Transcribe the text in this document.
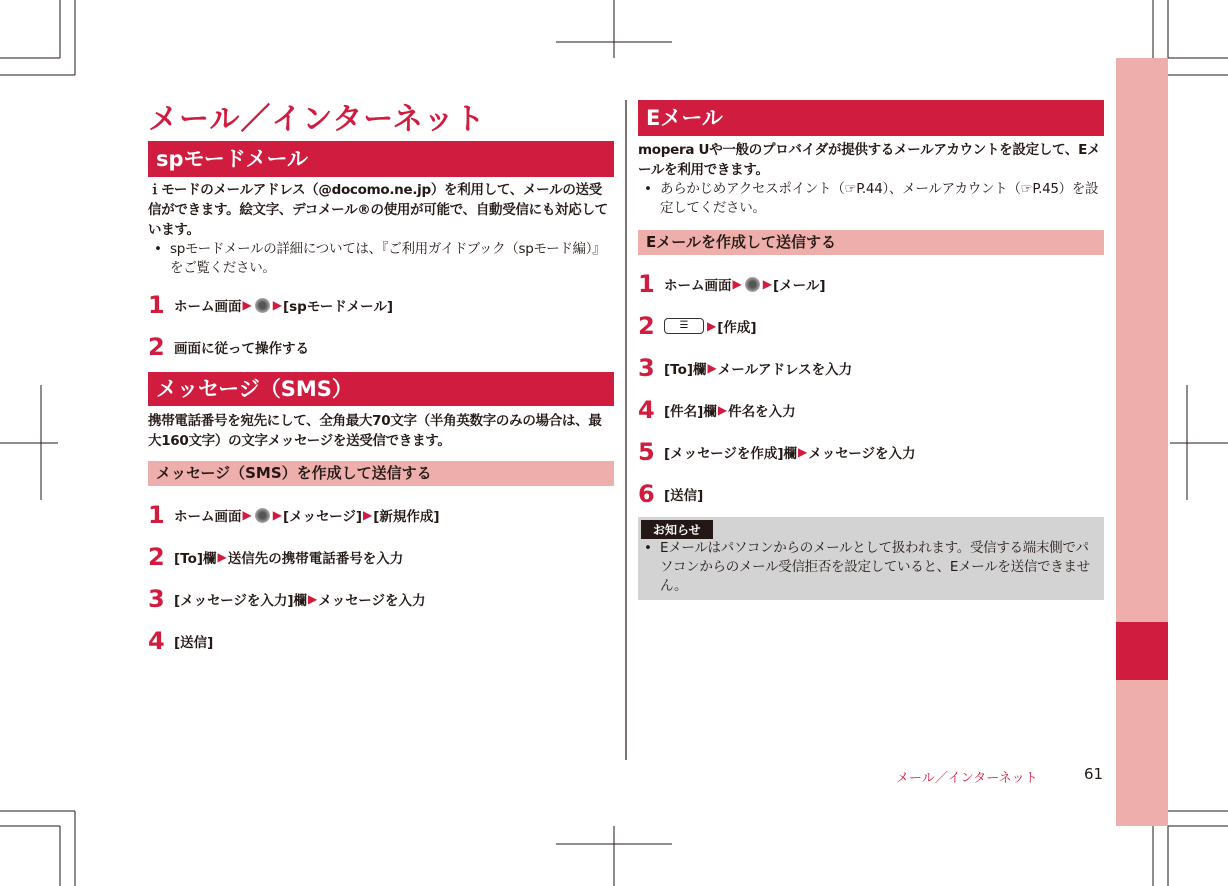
メール／インターネット
spモードメール
ｉモードのメールアドレス（@docomo.ne.jp）を利用して、メールの送受信ができます。絵文字、デコメール®の使用が可能で、自動受信にも対応しています。
• spモードメールの詳細については、『ご利用ガイドブック（spモード編）』をご覧ください。
1 ホーム画面 ▶ ▶ [spモードメール]
2 画面に従って操作する
メッセージ（SMS）
携帯電話番号を宛先にして、全角最大70文字（半角英数字のみの場合は、最大160文字）の文字メッセージを送受信できます。
メッセージ（SMS）を作成して送信する
1 ホーム画面 ▶ ▶ [メッセージ] ▶ [新規作成]
2 [To]欄 ▶ 送信先の携帯電話番号を入力
3 [メッセージを入力]欄 ▶ メッセージを入力
4 [送信]
Eメール
mopera Uや一般のプロバイダが提供するメールアカウントを設定して、Eメールを利用できます。
• あらかじめアクセスポイント（☞P.44）、メールアカウント（☞P.45）を設定してください。
Eメールを作成して送信する
1 ホーム画面 ▶ ▶ [メール]
2	☰	▶ [作成]
3 [To]欄 ▶ メールアドレスを入力
4 [件名]欄 ▶ 件名を入力
5 [メッセージを作成]欄 ▶ メッセージを入力
6 [送信]
お知らせ
• Eメールはパソコンからのメールとして扱われます。受信する端末側でパソコンからのメール受信拒否を設定していると、Eメールを送信できません。
メール／インターネット	61
